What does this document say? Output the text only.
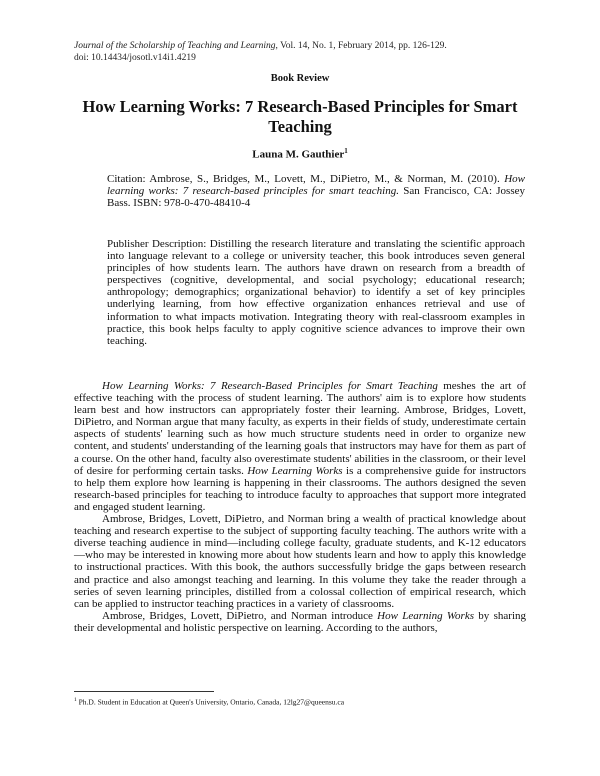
Journal of the Scholarship of Teaching and Learning, Vol. 14, No. 1, February 2014, pp. 126-129.
doi: 10.14434/josotl.v14i1.4219
Book Review
How Learning Works: 7 Research-Based Principles for Smart Teaching
Launa M. Gauthier$^1$
Citation: Ambrose, S., Bridges, M., Lovett, M., DiPietro, M., & Norman, M. (2010). How learning works: 7 research-based principles for smart teaching. San Francisco, CA: Jossey Bass. ISBN: 978-0-470-48410-4
Publisher Description: Distilling the research literature and translating the scientific approach into language relevant to a college or university teacher, this book introduces seven general principles of how students learn. The authors have drawn on research from a breadth of perspectives (cognitive, developmental, and social psychology; educational research; anthropology; demographics; organizational behavior) to identify a set of key principles underlying learning, from how effective organization enhances retrieval and use of information to what impacts motivation. Integrating theory with real-classroom examples in practice, this book helps faculty to apply cognitive science advances to improve their own teaching.

How Learning Works: 7 Research-Based Principles for Smart Teaching meshes the art of effective teaching with the process of student learning. The authors' aim is to explore how students learn best and how instructors can appropriately foster their learning. Ambrose, Bridges, Lovett, DiPietro, and Norman argue that many faculty, as experts in their fields of study, underestimate certain aspects of students' learning such as how much structure students need in order to organize new content, and students' understanding of the learning goals that instructors may have for them as part of a course. On the other hand, faculty also overestimate students' abilities in the classroom, or their level of desire for performing certain tasks. How Learning Works is a comprehensive guide for instructors to help them explore how learning is happening in their classrooms. The authors designed the seven research-based principles for teaching to introduce faculty to approaches that support more integrated and engaged student learning.

Ambrose, Bridges, Lovett, DiPietro, and Norman bring a wealth of practical knowledge about teaching and research expertise to the subject of supporting faculty teaching. The authors write with a diverse teaching audience in mind—including college faculty, graduate students, and K-12 educators—who may be interested in knowing more about how students learn and how to apply this knowledge to instructional practices. With this book, the authors successfully bridge the gaps between research and practice and also amongst teaching and learning. In this volume they take the reader through a series of seven learning principles, distilled from a colossal collection of empirical research, which can be applied to instructor teaching practices in a variety of classrooms.

Ambrose, Bridges, Lovett, DiPietro, and Norman introduce How Learning Works by sharing their developmental and holistic perspective on learning. According to the authors,

$^1$ Ph.D. Student in Education at Queen's University, Ontario, Canada, 12lg27@queensu.ca
